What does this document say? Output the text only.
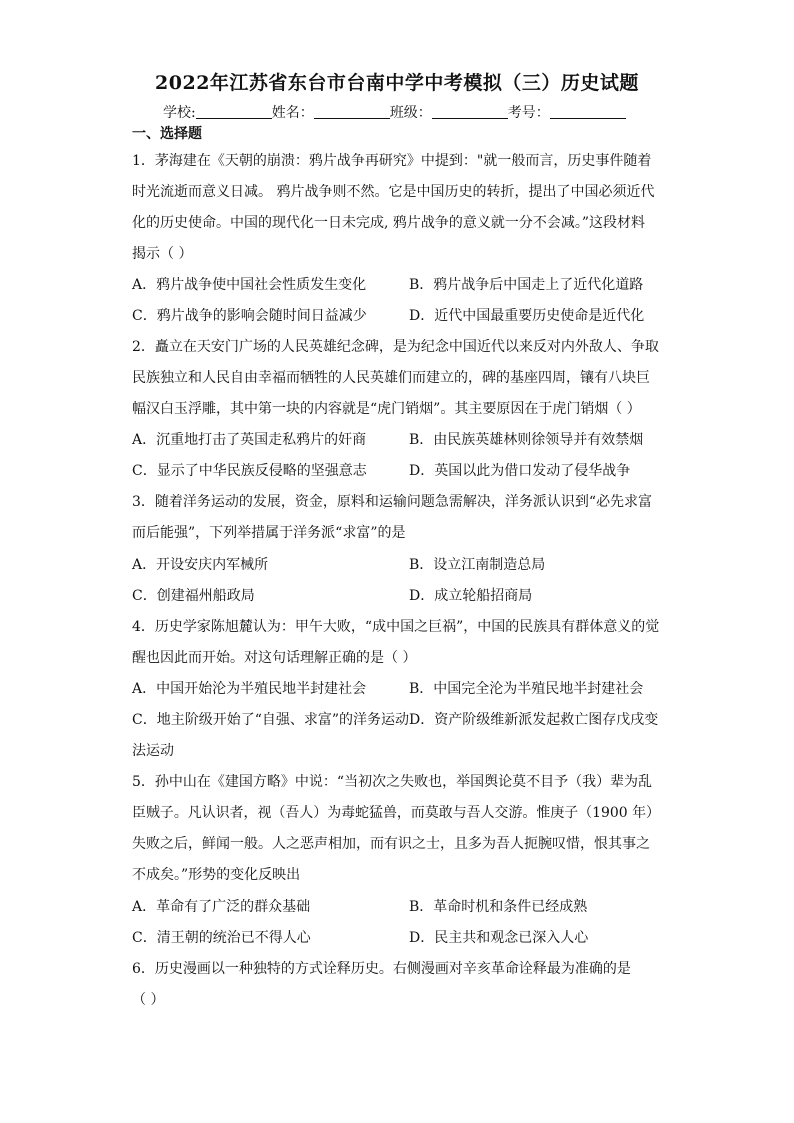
2022年江苏省东台市台南中学中考模拟（三）历史试题
学校:	姓名：	班级：	考号：
一、选择题
1．茅海建在《天朝的崩溃：鸦片战争再研究》中提到："就一般而言，历史事件随着
时光流逝而意义日减。 鸦片战争则不然。它是中国历史的转折，提出了中国必须近代
化的历史使命。中国的现代化一日未完成, 鸦片战争的意义就一分不会减。”这段材料
揭示（ ）
A．鸦片战争使中国社会性质发生变化	B．鸦片战争后中国走上了近代化道路
C．鸦片战争的影响会随时间日益减少	D．近代中国最重要历史使命是近代化
2．矗立在天安门广场的人民英雄纪念碑，是为纪念中国近代以来反对内外敌人、争取
民族独立和人民自由幸福而牺牲的人民英雄们而建立的，碑的基座四周，镶有八块巨
幅汉白玉浮雕，其中第一块的内容就是“虎门销烟”。其主要原因在于虎门销烟（ ）
A．沉重地打击了英国走私鸦片的奸商	B．由民族英雄林则徐领导并有效禁烟
C．显示了中华民族反侵略的坚强意志	D．英国以此为借口发动了侵华战争
3．随着洋务运动的发展，资金，原料和运输问题急需解决，洋务派认识到“必先求富
而后能强”，下列举措属于洋务派“求富”的是
A．开设安庆内军械所	B．设立江南制造总局
C．创建福州船政局	D．成立轮船招商局
4．历史学家陈旭麓认为：甲午大败，“成中国之巨祸”，中国的民族具有群体意义的觉
醒也因此而开始。对这句话理解正确的是（ ）
A．中国开始沦为半殖民地半封建社会	B．中国完全沦为半殖民地半封建社会
C．地主阶级开始了“自强、求富”的洋务运动 D．资产阶级维新派发起救亡图存戊戌变
法运动
5．孙中山在《建国方略》中说：“当初次之失败也，举国舆论莫不目予（我）辈为乱
臣贼子。凡认识者，视（吾人）为毒蛇猛兽，而莫敢与吾人交游。惟庚子（1900 年）
失败之后，鲜闻一般。人之恶声相加，而有识之士，且多为吾人扼腕叹惜，恨其事之
不成矣。”形势的变化反映出
A．革命有了广泛的群众基础	B．革命时机和条件已经成熟
C．清王朝的统治已不得人心	D．民主共和观念已深入人心
6．历史漫画以一种独特的方式诠释历史。右侧漫画对辛亥革命诠释最为准确的是
（ ）
